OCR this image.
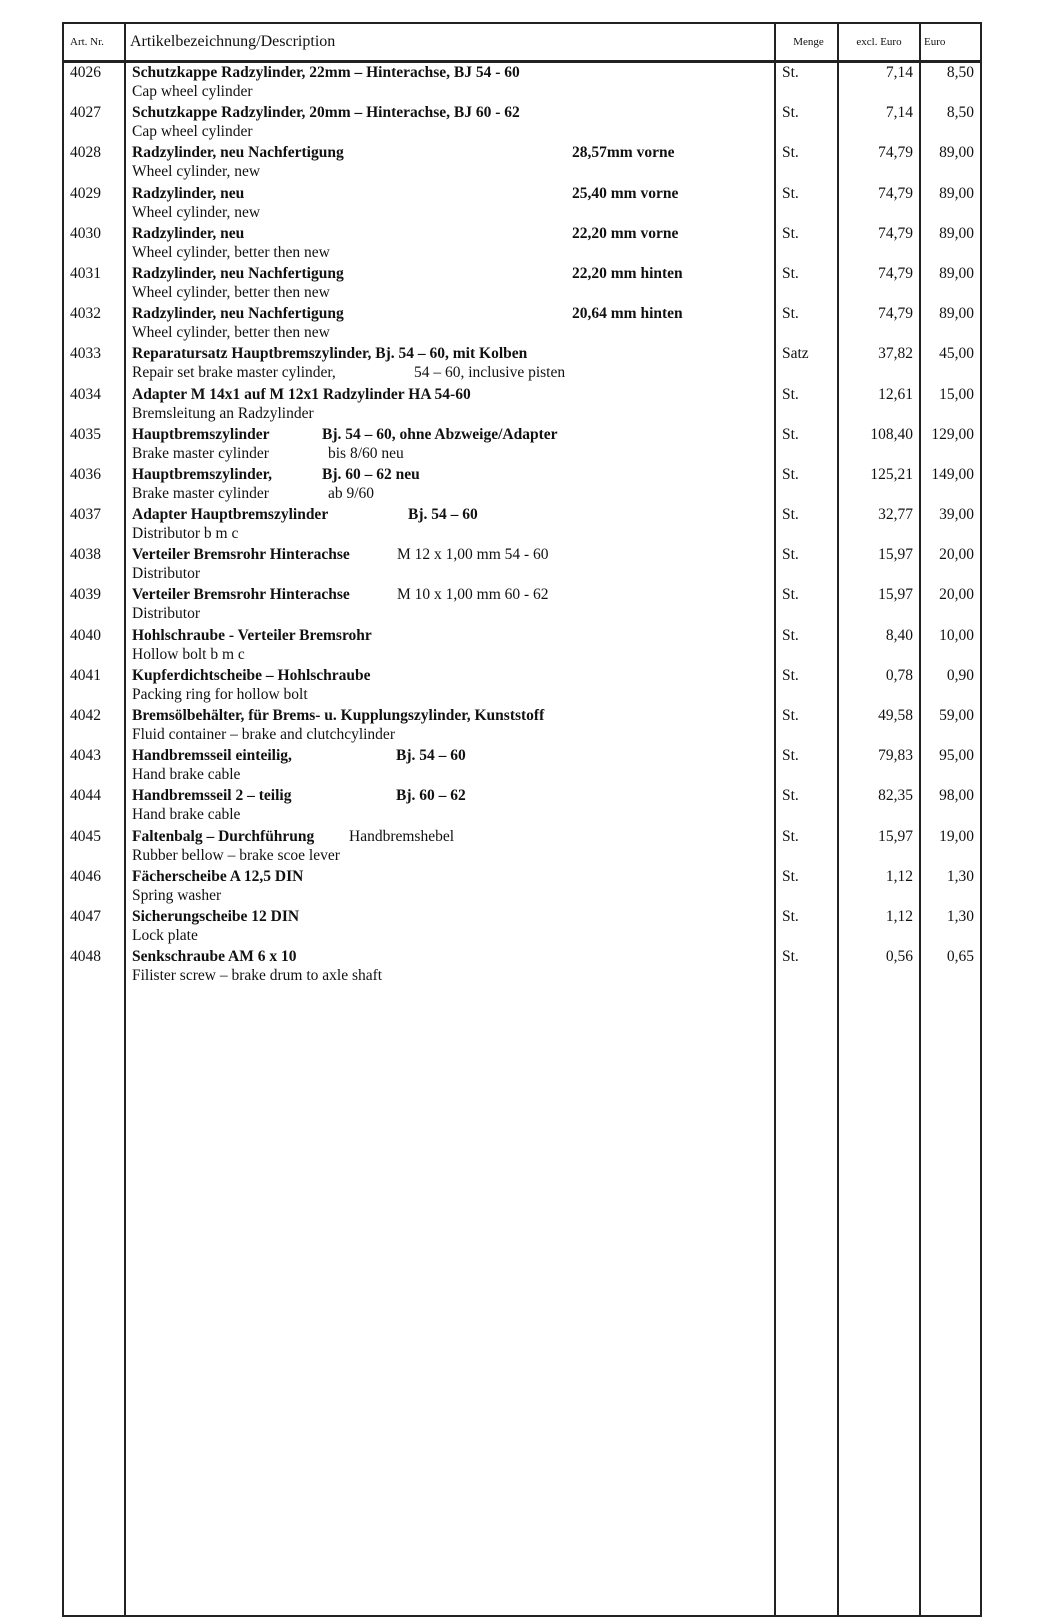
Art. Nr. Artikelbezeichnung/Description	Menge	excl. Euro	Euro
4026 Schutzkappe Radzylinder, 22mm – Hinterachse, BJ 54 - 60
Cap wheel cylinder
St.	7,14	8,50
4027 Schutzkappe Radzylinder, 20mm – Hinterachse, BJ 60 - 62
Cap wheel cylinder
St.	7,14	8,50
4028 Radzylinder, neu Nachfertigung	28,57mm vorne
Wheel cylinder, new
St.	74,79	89,00
4029 Radzylinder, neu	25,40 mm vorne
Wheel cylinder, new
St.	74,79	89,00
4030 Radzylinder, neu	22,20 mm vorne
Wheel cylinder, better then new
St.	74,79	89,00
4031 Radzylinder, neu Nachfertigung	22,20 mm hinten
Wheel cylinder, better then new
St.	74,79	89,00
4032 Radzylinder, neu Nachfertigung	20,64 mm hinten
Wheel cylinder, better then new
St.	74,79	89,00
4033 Reparatursatz Hauptbremszylinder, Bj. 54 – 60, mit Kolben
Repair set brake master cylinder,	54 – 60, inclusive pisten
Satz	37,82	45,00
4034 Adapter M 14x1 auf M 12x1 Radzylinder HA 54-60
Bremsleitung an Radzylinder
St.	12,61	15,00
4035 Hauptbremszylinder	Bj. 54 – 60, ohne Abzweige/Adapter
Brake master cylinder	bis 8/60 neu
St.	108,40	129,00
4036 Hauptbremszylinder,	Bj. 60 – 62 neu
Brake master cylinder	ab 9/60
St.	125,21	149,00
4037 Adapter Hauptbremszylinder	Bj. 54 – 60
Distributor b m c
St.	32,77	39,00
4038 Verteiler Bremsrohr Hinterachse	M 12 x 1,00 mm 54 - 60
Distributor
St.	15,97	20,00
4039 Verteiler Bremsrohr Hinterachse	M 10 x 1,00 mm 60 - 62
Distributor
St.	15,97	20,00
4040 Hohlschraube - Verteiler Bremsrohr
Hollow bolt b m c
St.	8,40	10,00
4041 Kupferdichtscheibe – Hohlschraube
Packing ring for hollow bolt
St.	0,78	0,90
4042 Bremsölbehälter, für Brems- u. Kupplungszylinder, Kunststoff
Fluid container – brake and clutchcylinder
St.	49,58	59,00
4043 Handbremsseil einteilig,	Bj. 54 – 60
Hand brake cable
St.	79,83	95,00
4044 Handbremsseil 2 – teilig	Bj. 60 – 62
Hand brake cable
St.	82,35	98,00
4045 Faltenbalg – Durchführung Handbremshebel
Rubber bellow – brake scoe lever
St.	15,97	19,00
4046 Fächerscheibe A 12,5 DIN
Spring washer
St.	1,12	1,30
4047 Sicherungscheibe 12 DIN
Lock plate
St.	1,12	1,30
4048 Senkschraube AM 6 x 10
Filister screw – brake drum to axle shaft
St.	0,56	0,65
